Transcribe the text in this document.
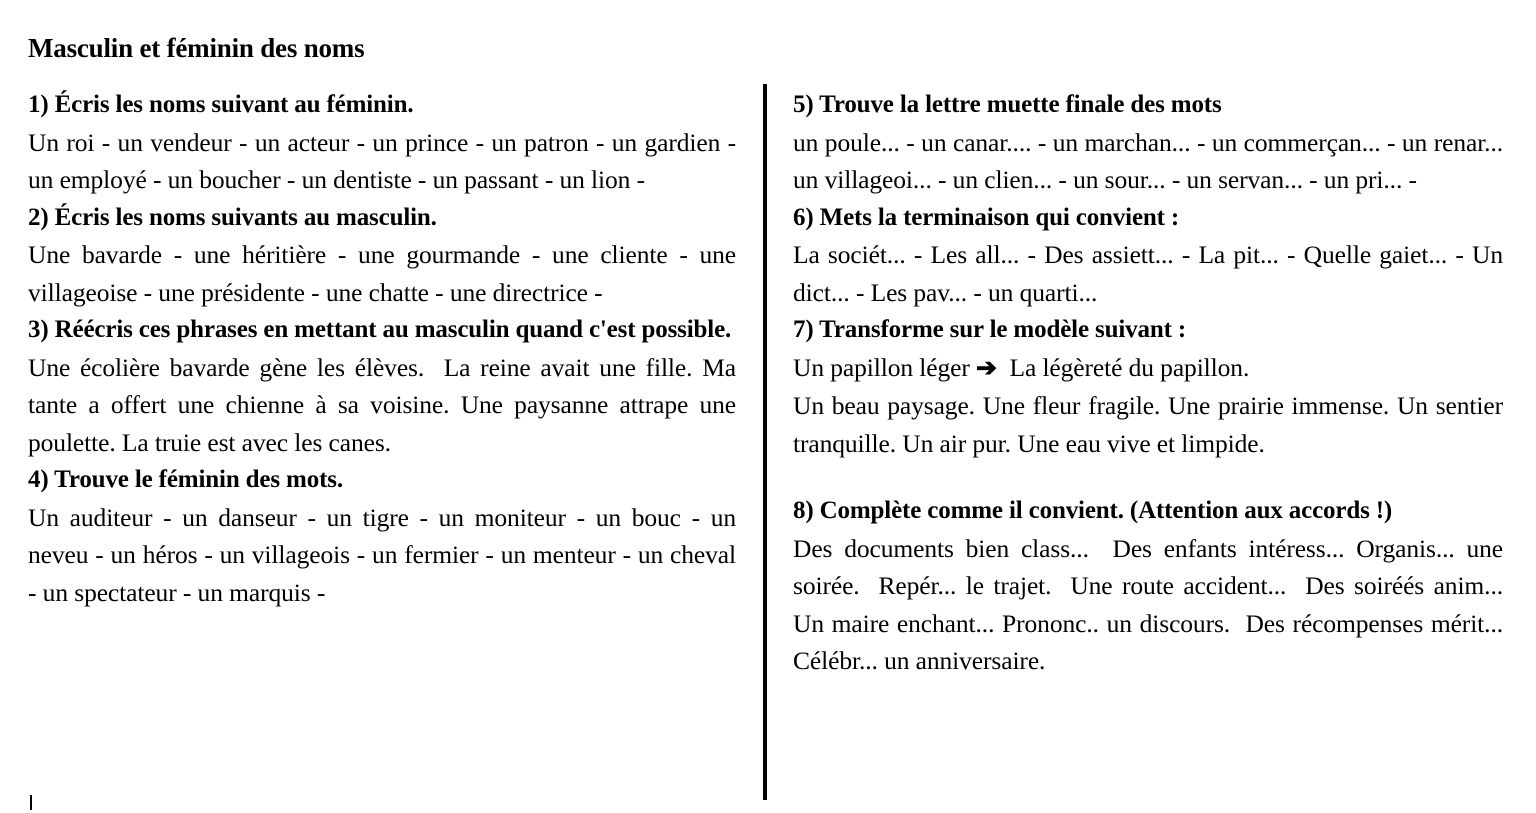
Masculin et féminin des noms

1) Écris les noms suivant au féminin.

Un roi - un vendeur - un acteur - un prince - un patron - un gardien - un employé - un boucher - un dentiste - un passant - un lion -

2) Écris les noms suivants au masculin.

Une bavarde - une héritière - une gourmande - une cliente - une villageoise - une présidente - une chatte - une directrice -

3) Réécris ces phrases en mettant au masculin quand c'est possible.

Une écolière bavarde gène les élèves.  La reine avait une fille. Ma tante a offert une chienne à sa voisine. Une paysanne attrape une poulette. La truie est avec les canes.

4) Trouve le féminin des mots.

Un auditeur - un danseur - un tigre - un moniteur - un bouc - un neveu - un héros - un villageois - un fermier - un menteur - un cheval - un spectateur - un marquis -

5) Trouve la lettre muette finale des mots

un poule... - un canar.... - un marchan... - un commerçan... - un renar...  un villageoi... - un clien... - un sour... - un servan... - un pri... -

6) Mets la terminaison qui convient :

La sociét... - Les all... - Des assiett... - La pit... - Quelle gaiet... - Un dict... - Les pav... - un quarti...

7) Transforme sur le modèle suivant :

Un papillon léger ➔ La légèreté du papillon.

Un beau paysage. Une fleur fragile. Une prairie immense. Un sentier tranquille. Un air pur. Une eau vive et limpide.

8) Complète comme il convient. (Attention aux accords !)

Des documents bien class...  Des enfants intéress... Organis... une soirée.  Repér... le trajet.  Une route accident...  Des soiréés anim...  Un maire enchant... Prononc.. un discours.  Des récompenses mérit... Célébr... un anniversaire.
